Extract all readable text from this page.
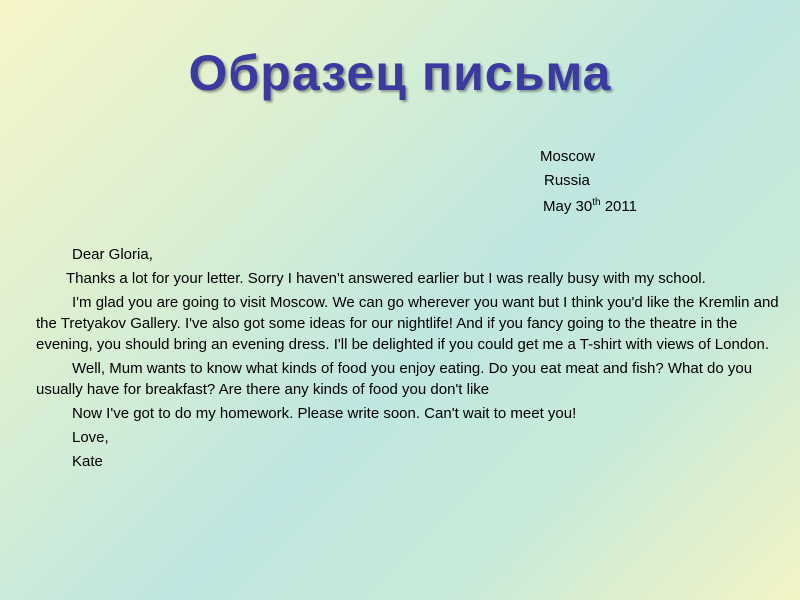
Образец письма
Moscow
Russia
May 30th 2011

Dear Gloria,

Thanks a lot for your letter. Sorry I haven't answered earlier but I was really busy with my school.

I'm glad you are going to visit Moscow. We can go wherever you want but I think you'd like the Kremlin and the Tretyakov Gallery. I've also got some ideas for our nightlife! And if you fancy going to the theatre in the evening, you should bring an evening dress. I'll be delighted if you could get me a T-shirt with views of London.

Well, Mum wants to know what kinds of food you enjoy eating. Do you eat meat and fish? What do you usually have for breakfast? Are there any kinds of food you don't like

Now I've got to do my homework. Please write soon. Can't wait to meet you!

Love,

Kate
